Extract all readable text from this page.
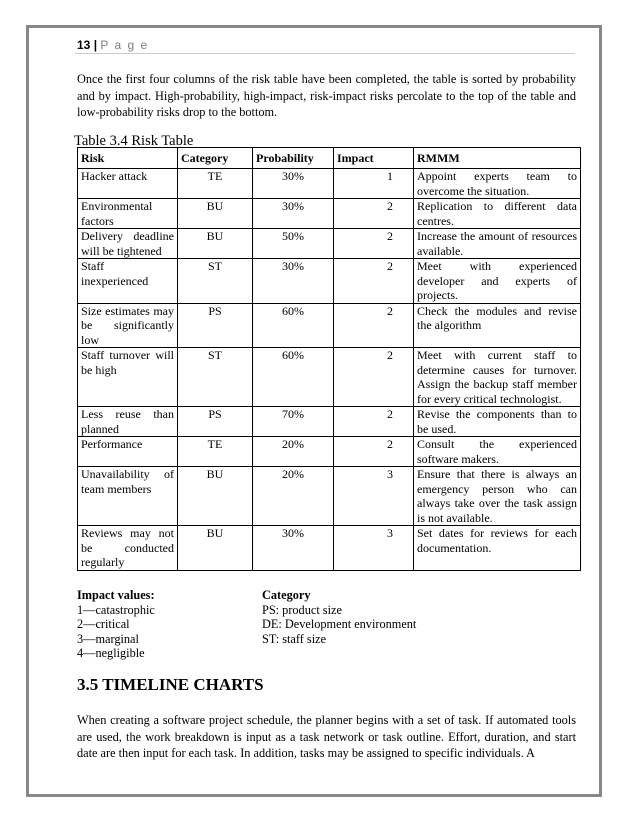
13 | P a g e

Once the first four columns of the risk table have been completed, the table is sorted by probability and by impact. High-probability, high-impact, risk-impact risks percolate to the top of the table and low-probability risks drop to the bottom.

Table 3.4 Risk Table
Risk	Category	Probability	Impact	RMMM
Hacker attack	TE	30%	1	Appoint experts team to overcome the situation.
Environmental factors	BU	30%	2	Replication to different data centres.
Delivery deadline will be tightened	BU	50%	2	Increase the amount of resources available.
Staff inexperienced	ST	30%	2	Meet with experienced developer and experts of projects.
Size estimates may be significantly low	PS	60%	2	Check the modules and revise the algorithm
Staff turnover will be high	ST	60%	2	Meet with current staff to determine causes for turnover. Assign the backup staff member for every critical technologist.
Less reuse than planned	PS	70%	2	Revise the components than to be used.
Performance	TE	20%	2	Consult the experienced software makers.
Unavailability of team members	BU	20%	3	Ensure that there is always an emergency person who can always take over the task assign is not available.
Reviews may not be conducted regularly	BU	30%	3	Set dates for reviews for each documentation.
Impact values:
1—catastrophic
2—critical
3—marginal
4—negligible
Category
PS: product size
DE: Development environment
ST: staff size
3.5 TIMELINE CHARTS

When creating a software project schedule, the planner begins with a set of task. If automated tools are used, the work breakdown is input as a task network or task outline. Effort, duration, and start date are then input for each task. In addition, tasks may be assigned to specific individuals. A
